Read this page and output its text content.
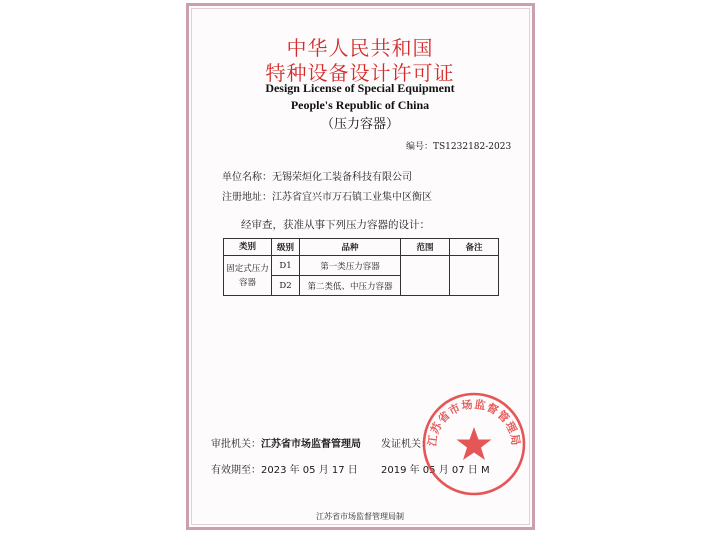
中华人民共和国
特种设备设计许可证
Design License of Special Equipment
People's Republic of China
（压力容器）
编号：TS1232182-2023
单位名称：无锡荣烜化工装备科技有限公司
注册地址：江苏省宜兴市万石镇工业集中区衡区
经审查，获准从事下列压力容器的设计：
类别	级别	品种	范围	备注
固定式压力容器	D1	第一类压力容器		
	D2	第二类低、中压力容器		
审批机关：江苏省市场监督管理局 发证机关：
有效期至：2023 年 05 月 17 日 2019 年 05 月 07 日 M
江苏省市场监督管理局
江苏省市场监督管理局制
